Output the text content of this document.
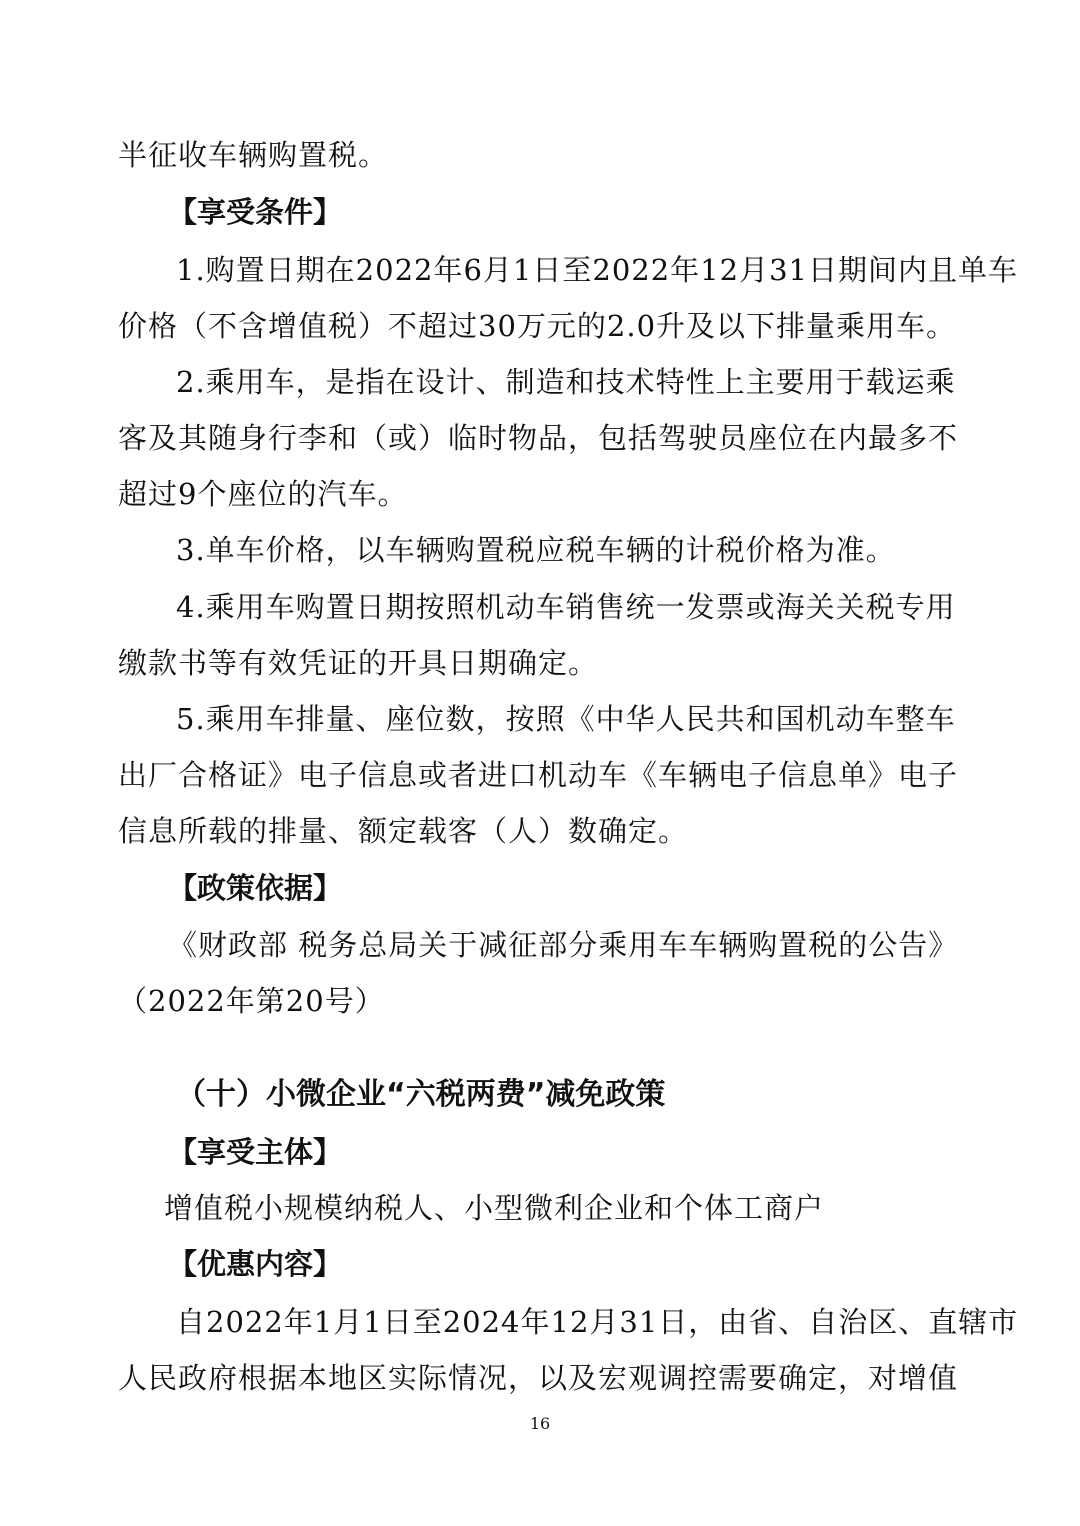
半征收车辆购置税。

【享受条件】

1.购置日期在2022年6月1日至2022年12月31日期间内且单车

价格（不含增值税）不超过30万元的2.0升及以下排量乘用车。

2.乘用车，是指在设计、制造和技术特性上主要用于载运乘

客及其随身行李和（或）临时物品，包括驾驶员座位在内最多不

超过9个座位的汽车。

3.单车价格，以车辆购置税应税车辆的计税价格为准。

4.乘用车购置日期按照机动车销售统一发票或海关关税专用

缴款书等有效凭证的开具日期确定。

5.乘用车排量、座位数，按照《中华人民共和国机动车整车

出厂合格证》电子信息或者进口机动车《车辆电子信息单》电子

信息所载的排量、额定载客（人）数确定。

【政策依据】

《财政部 税务总局关于减征部分乘用车车辆购置税的公告》

（2022年第20号）

（十）小微企业“六税两费”减免政策

【享受主体】

增值税小规模纳税人、小型微利企业和个体工商户

【优惠内容】

自2022年1月1日至2024年12月31日，由省、自治区、直辖市

人民政府根据本地区实际情况，以及宏观调控需要确定，对增值

16
